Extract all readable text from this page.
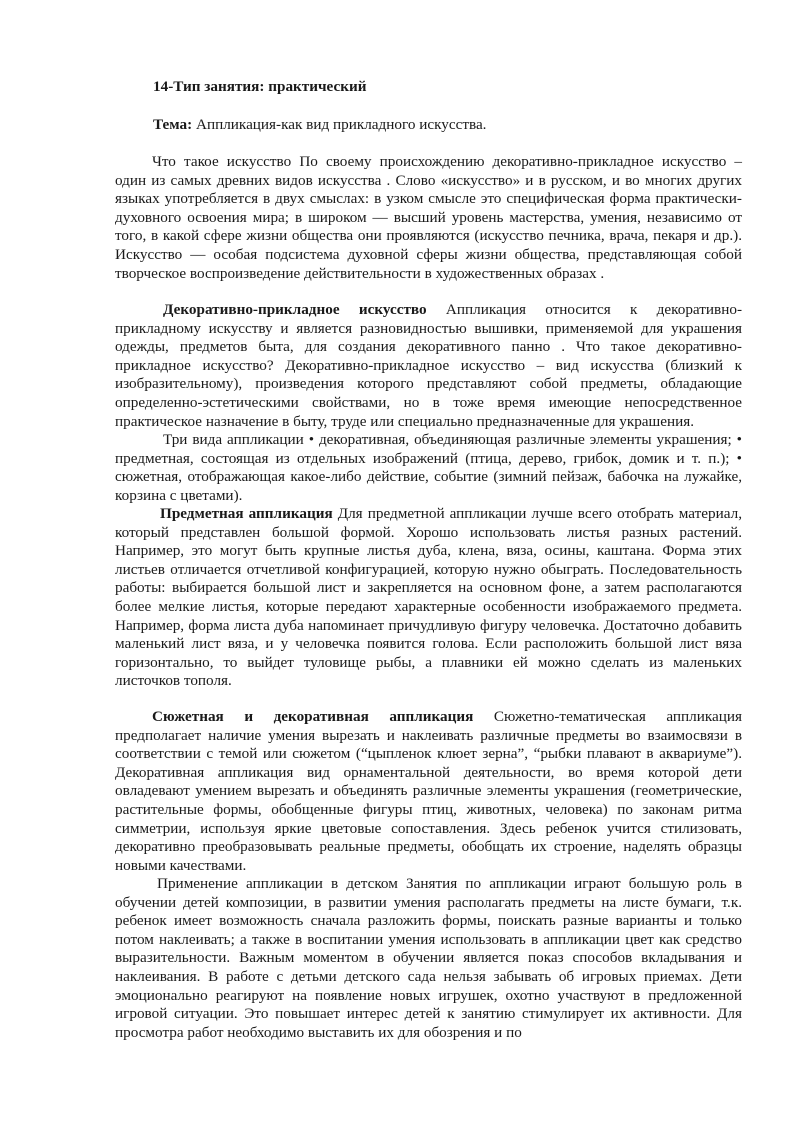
14-Тип занятия: практический

Тема: Аппликация-как вид прикладного искусства.

Что такое искусство По своему происхождению декоративно-прикладное искусство – один из самых древних видов искусства . Слово «искусство» и в русском, и во многих других языках употребляется в двух смыслах: в узком смысле это специфическая форма практически-духовного освоения мира; в широком — высший уровень мастерства, умения, независимо от того, в какой сфере жизни общества они проявляются (искусство печника, врача, пекаря и др.). Искусство — особая подсистема духовной сферы жизни общества, представляющая собой творческое воспроизведение действительности в художественных образах .

Декоративно-прикладное искусство Аппликация относится к декоративно-прикладному искусству и является разновидностью вышивки, применяемой для украшения одежды, предметов быта, для создания декоративного панно . Что такое декоративно-прикладное искусство? Декоративно-прикладное искусство – вид искусства (близкий к изобразительному), произведения которого представляют собой предметы, обладающие определенно-эстетическими свойствами, но в тоже время имеющие непосредственное практическое назначение в быту, труде или специально предназначенные для украшения.

Три вида аппликации • декоративная, объединяющая различные элементы украшения; • предметная, состоящая из отдельных изображений (птица, дерево, грибок, домик и т. п.); • сюжетная, отображающая какое-либо действие, событие (зимний пейзаж, бабочка на лужайке, корзина с цветами).

Предметная аппликация Для предметной аппликации лучше всего отобрать материал, который представлен большой формой. Хорошо использовать листья разных растений. Например, это могут быть крупные листья дуба, клена, вяза, осины, каштана. Форма этих листьев отличается отчетливой конфигурацией, которую нужно обыграть. Последовательность работы: выбирается большой лист и закрепляется на основном фоне, а затем располагаются более мелкие листья, которые передают характерные особенности изображаемого предмета. Например, форма листа дуба напоминает причудливую фигуру человечка. Достаточно добавить маленький лист вяза, и у человечка появится голова. Если расположить большой лист вяза горизонтально, то выйдет туловище рыбы, а плавники ей можно сделать из маленьких листочков тополя.

Сюжетная и декоративная аппликация Сюжетно-тематическая аппликация предполагает наличие умения вырезать и наклеивать различные предметы во взаимосвязи в соответствии с темой или сюжетом (“цыпленок клюет зерна”, “рыбки плавают в аквариуме”). Декоративная аппликация вид орнаментальной деятельности, во время которой дети овладевают умением вырезать и объединять различные элементы украшения (геометрические, растительные формы, обобщенные фигуры птиц, животных, человека) по законам ритма симметрии, используя яркие цветовые сопоставления. Здесь ребенок учится стилизовать, декоративно преобразовывать реальные предметы, обобщать их строение, наделять образцы новыми качествами.

Применение аппликации в детском Занятия по аппликации играют большую роль в обучении детей композиции, в развитии умения располагать предметы на листе бумаги, т.к. ребенок имеет возможность сначала разложить формы, поискать разные варианты и только потом наклеивать; а также в воспитании умения использовать в аппликации цвет как средство выразительности. Важным моментом в обучении является показ способов вкладывания и наклеивания. В работе с детьми детского сада нельзя забывать об игровых приемах. Дети эмоционально реагируют на появление новых игрушек, охотно участвуют в предложенной игровой ситуации. Это повышает интерес детей к занятию стимулирует их активности. Для просмотра работ необходимо выставить их для обозрения и по
